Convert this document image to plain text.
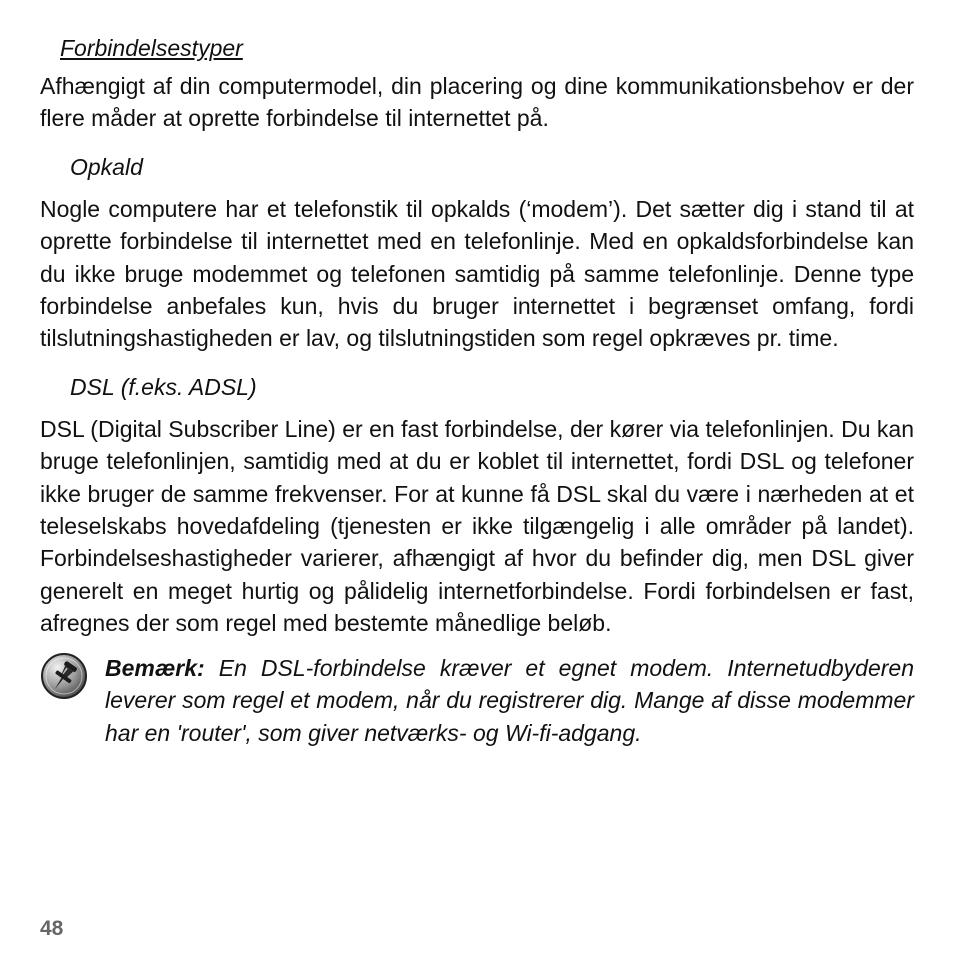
Forbindelsestyper

Afhængigt af din computermodel, din placering og dine kommunikationsbehov er der flere måder at oprette forbindelse til internettet på.

Opkald

Nogle computere har et telefonstik til opkalds (‘modem’). Det sætter dig i stand til at oprette forbindelse til internettet med en telefonlinje. Med en opkaldsforbindelse kan du ikke bruge modemmet og telefonen samtidig på samme telefonlinje. Denne type forbindelse anbefales kun, hvis du bruger internettet i begrænset omfang, fordi tilslutningshastigheden er lav, og tilslutningstiden som regel opkræves pr. time.

DSL (f.eks. ADSL)

DSL (Digital Subscriber Line) er en fast forbindelse, der kører via telefonlinjen. Du kan bruge telefonlinjen, samtidig med at du er koblet til internettet, fordi DSL og telefoner ikke bruger de samme frekvenser. For at kunne få DSL skal du være i nærheden at et teleselskabs hovedafdeling (tjenesten er ikke tilgængelig i alle områder på landet). Forbindelseshastigheder varierer, afhængigt af hvor du befinder dig, men DSL giver generelt en meget hurtig og pålidelig internetforbindelse. Fordi forbindelsen er fast, afregnes der som regel med bestemte månedlige beløb.

Bemærk: En DSL-forbindelse kræver et egnet modem. Internetudbyderen leverer som regel et modem, når du registrerer dig. Mange af disse modemmer har en 'router', som giver netværks- og Wi-fi-adgang.

48
